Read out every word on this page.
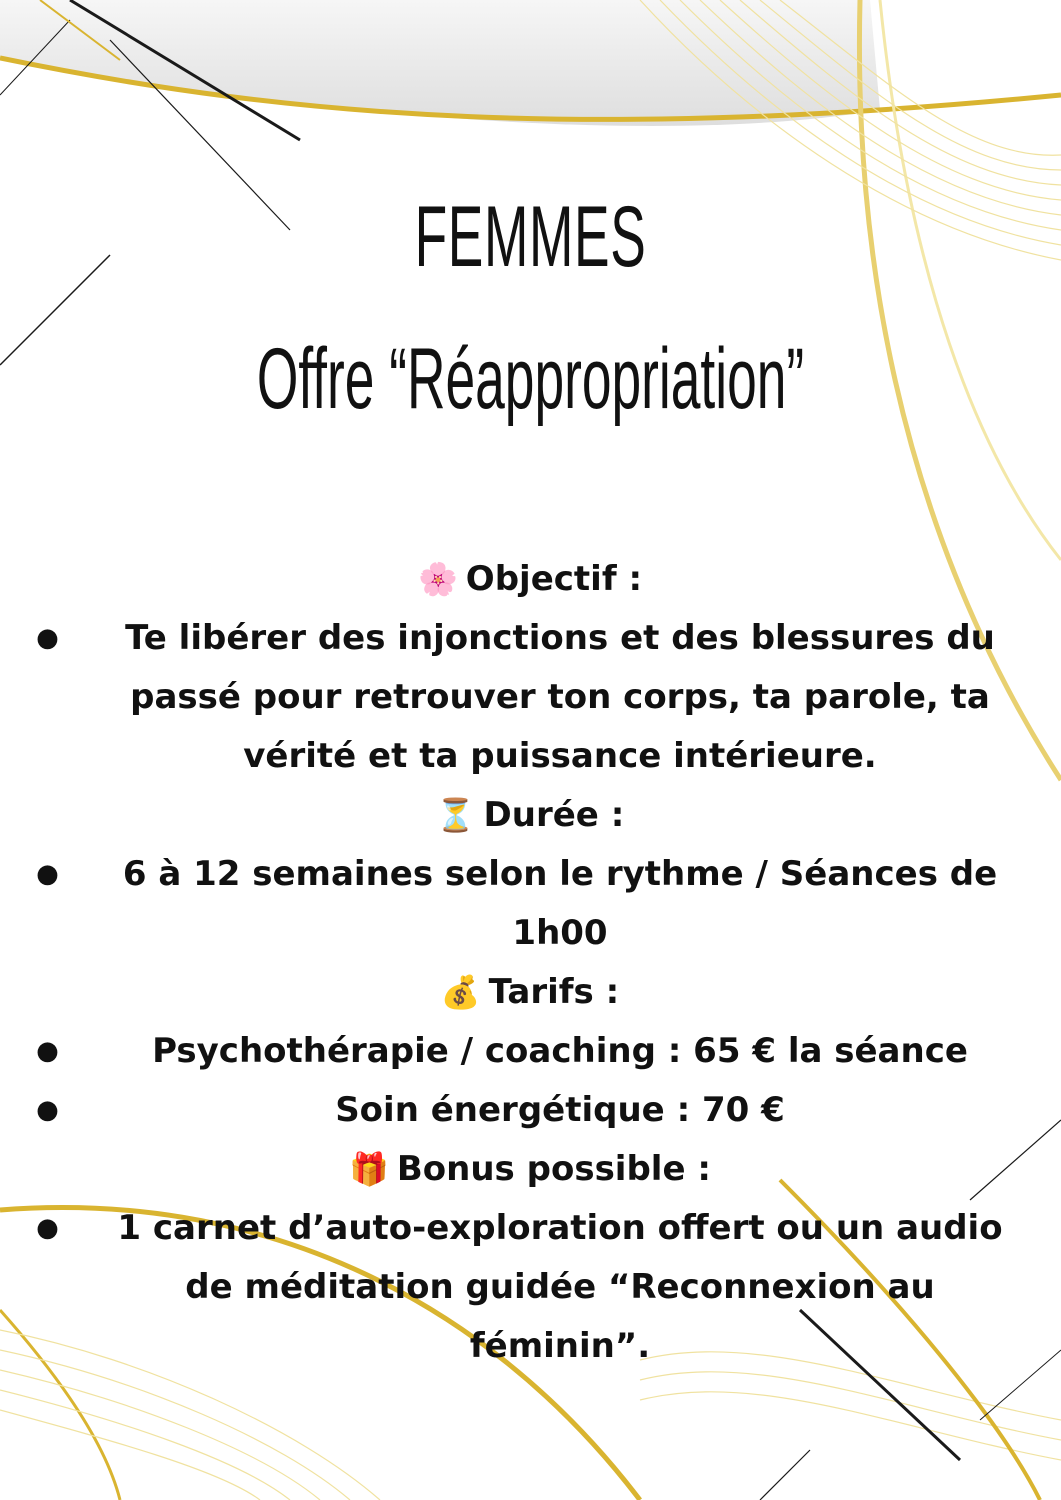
FEMMES
Offre “Réappropriation”
🌸 Objectif :
●	Te libérer des injonctions et des blessures du passé pour retrouver ton corps, ta parole, ta vérité et ta puissance intérieure.
⏳ Durée :
●	6 à 12 semaines selon le rythme / Séances de 1h00
💰 Tarifs :
●	Psychothérapie / coaching : 65 € la séance
●	Soin énergétique : 70 €
🎁 Bonus possible :
●	1 carnet d’auto-exploration offert ou un audio de méditation guidée “Reconnexion au féminin”.
